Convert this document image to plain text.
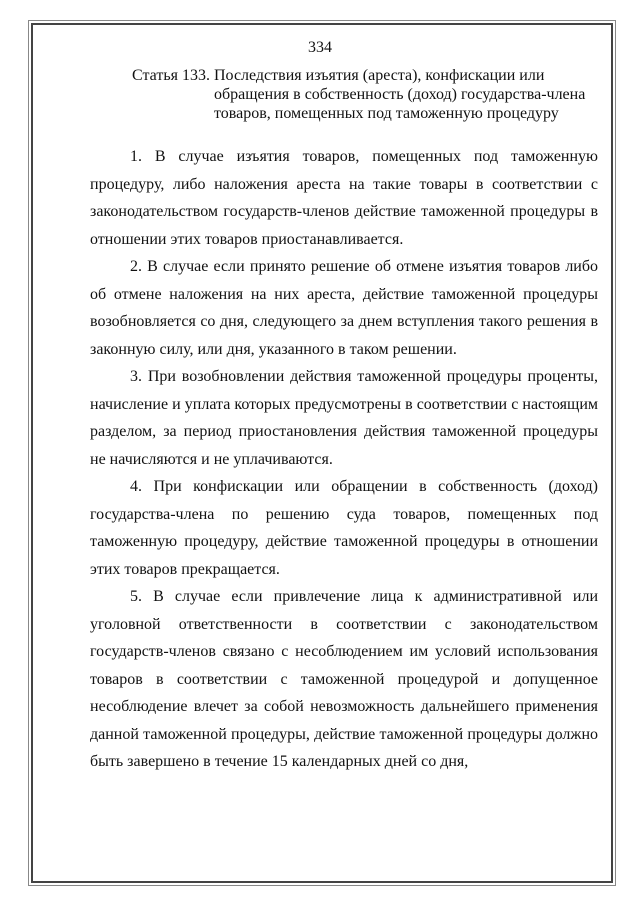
334
Статья 133.
Последствия изъятия (ареста), конфискации или обращения в собственность (доход) государства-члена товаров, помещенных под таможенную процедуру

1. В случае изъятия товаров, помещенных под таможенную процедуру, либо наложения ареста на такие товары в соответствии с законодательством государств-членов действие таможенной процедуры в отношении этих товаров приостанавливается.

2. В случае если принято решение об отмене изъятия товаров либо об отмене наложения на них ареста, действие таможенной процедуры возобновляется со дня, следующего за днем вступления такого решения в законную силу, или дня, указанного в таком решении.

3. При возобновлении действия таможенной процедуры проценты, начисление и уплата которых предусмотрены в соответствии с настоящим разделом, за период приостановления действия таможенной процедуры не начисляются и не уплачиваются.

4. При конфискации или обращении в собственность (доход) государства-члена по решению суда товаров, помещенных под таможенную процедуру, действие таможенной процедуры в отношении этих товаров прекращается.

5. В случае если привлечение лица к административной или уголовной ответственности в соответствии с законодательством государств-членов связано с несоблюдением им условий использования товаров в соответствии с таможенной процедурой и допущенное несоблюдение влечет за собой невозможность дальнейшего применения данной таможенной процедуры, действие таможенной процедуры должно быть завершено в течение 15 календарных дней со дня,
